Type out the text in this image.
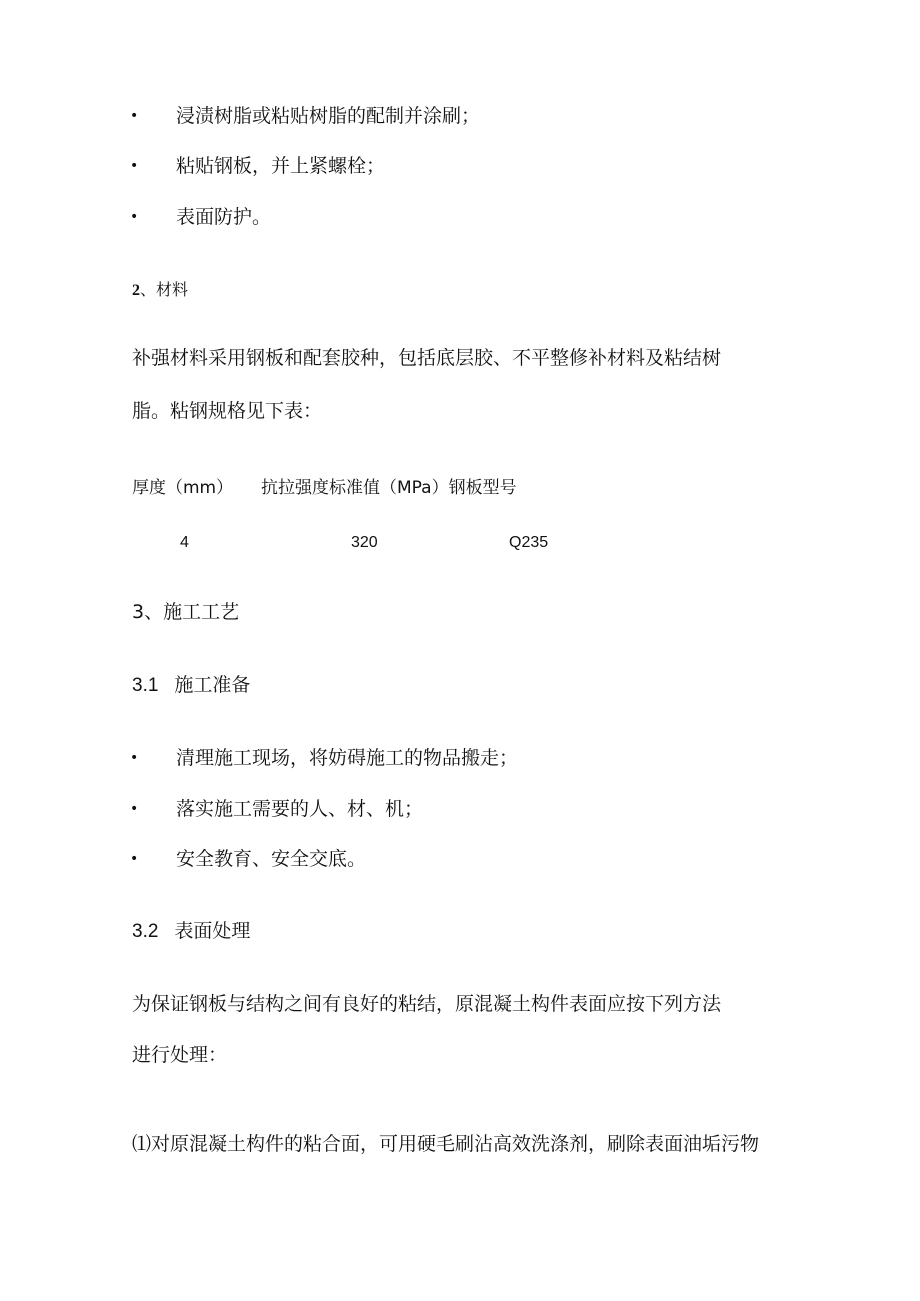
• 浸渍树脂或粘贴树脂的配制并涂刷；
• 粘贴钢板，并上紧螺栓；
• 表面防护。
2、材料
补强材料采用钢板和配套胶种，包括底层胶、不平整修补材料及粘结树
脂。粘钢规格见下表：
厚度（mm） 抗拉强度标准值（MPa）钢板型号
4	320	Q235
3、施工工艺
3.1 施工准备
• 清理施工现场，将妨碍施工的物品搬走；
• 落实施工需要的人、材、机；
• 安全教育、安全交底。
3.2 表面处理
为保证钢板与结构之间有良好的粘结，原混凝土构件表面应按下列方法
进行处理：
⑴对原混凝土构件的粘合面，可用硬毛刷沾高效洗涤剂，刷除表面油垢污物
